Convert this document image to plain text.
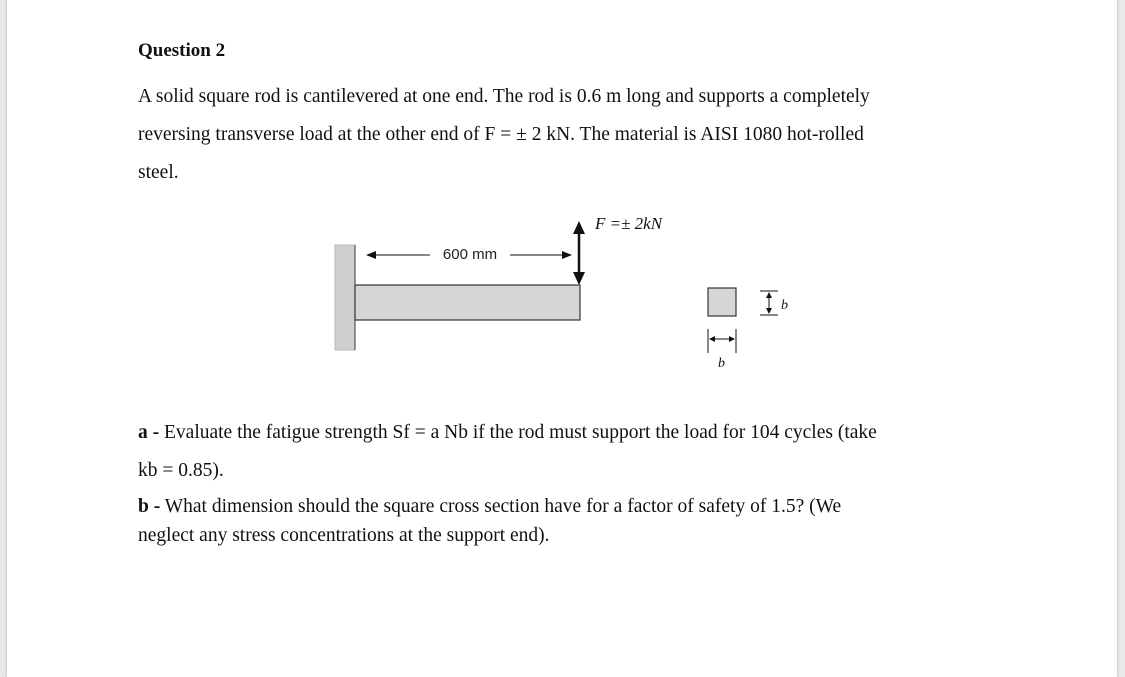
Question 2
A solid square rod is cantilevered at one end. The rod is 0.6 m long and supports a completely
reversing transverse load at the other end of F = ± 2 kN. The material is AISI 1080 hot-rolled
steel.
600 mm
F =± 2kN
b
b
a - Evaluate the fatigue strength Sf = a Nb if the rod must support the load for 104 cycles (take
kb = 0.85).
b - What dimension should the square cross section have for a factor of safety of 1.5? (We
neglect any stress concentrations at the support end).
